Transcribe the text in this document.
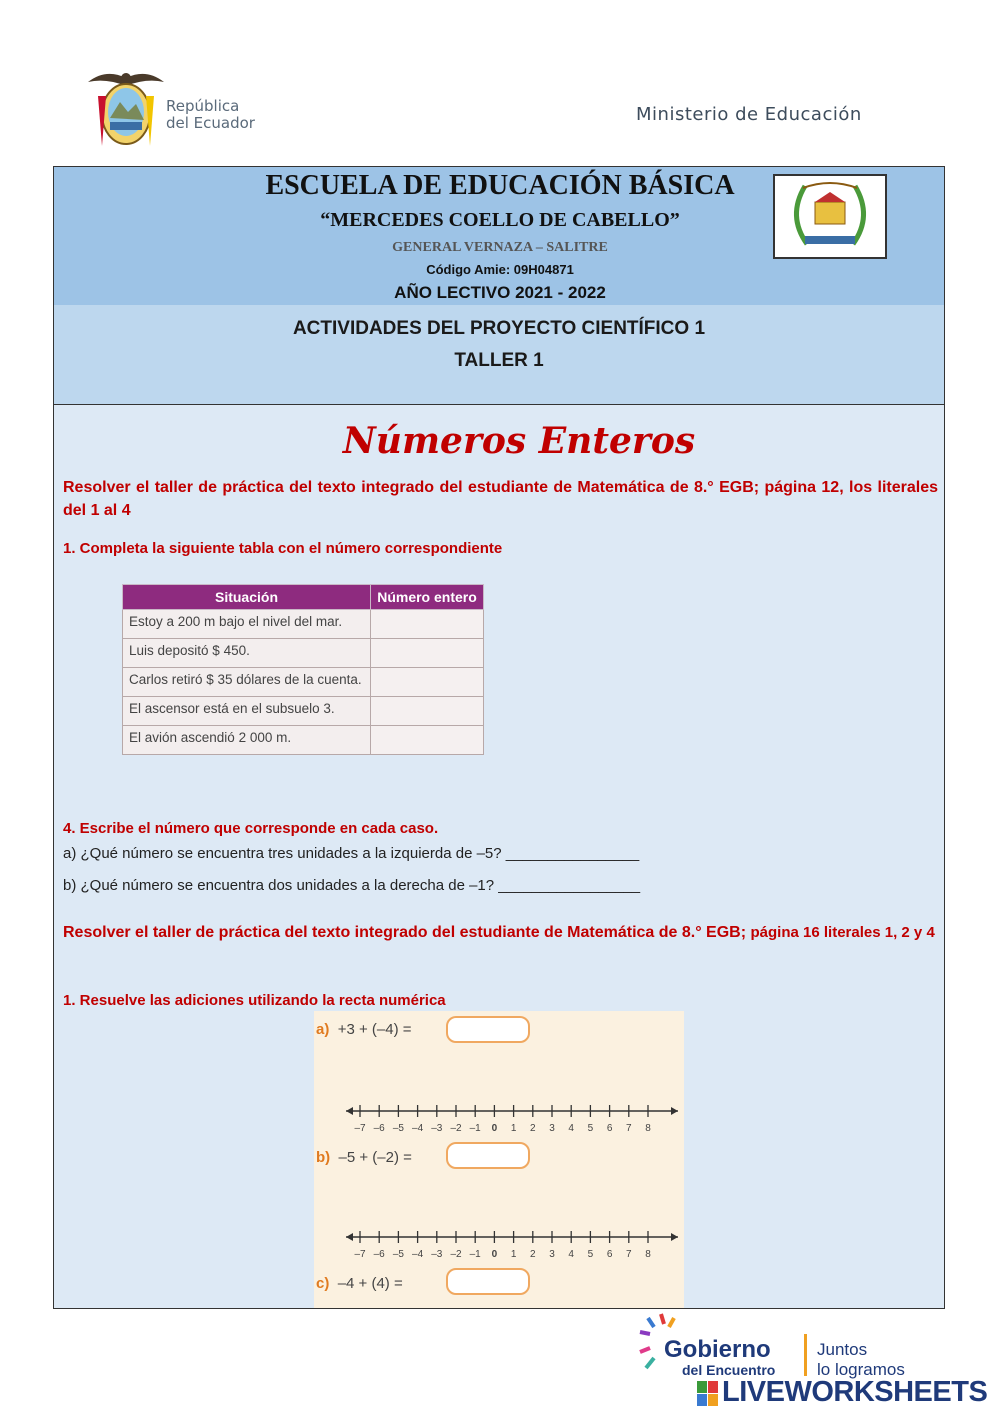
República
del Ecuador	Ministerio de Educación
ESCUELA DE EDUCACIÓN BÁSICA
“MERCEDES COELLO DE CABELLO”
GENERAL VERNAZA – SALITRE
Código Amie: 09H04871
AÑO LECTIVO 2021 - 2022
ACTIVIDADES DEL PROYECTO CIENTÍFICO 1
TALLER 1
Números Enteros
Resolver el taller de práctica del texto integrado del estudiante de Matemática de 8.° EGB; página 12, los literales del 1 al 4
1. Completa la siguiente tabla con el número correspondiente
Situación	Número entero
Estoy a 200 m bajo el nivel del mar.	
Luis depositó $ 450.	
Carlos retiró $ 35 dólares de la cuenta.	
El ascensor está en el subsuelo 3.	
El avión ascendió 2 000 m.	
4. Escribe el número que corresponde en cada caso.
a) ¿Qué número se encuentra tres unidades a la izquierda de –5? ________________
b) ¿Qué número se encuentra dos unidades a la derecha de –1? _________________
Resolver el taller de práctica del texto integrado del estudiante de Matemática de 8.° EGB; página 16 literales 1, 2 y 4
1. Resuelve las adiciones utilizando la recta numérica
a) +3 + (–4) =
–7 –6 –5 –4 –3 –2 –1 0 1 2 3 4 5 6 7 8
b) –5 + (–2) =
–7 –6 –5 –4 –3 –2 –1 0 1 2 3 4 5 6 7 8
c) –4 + (4) =
Gobierno
del Encuentro
Juntos
lo logramos
LIVEWORKSHEETS
